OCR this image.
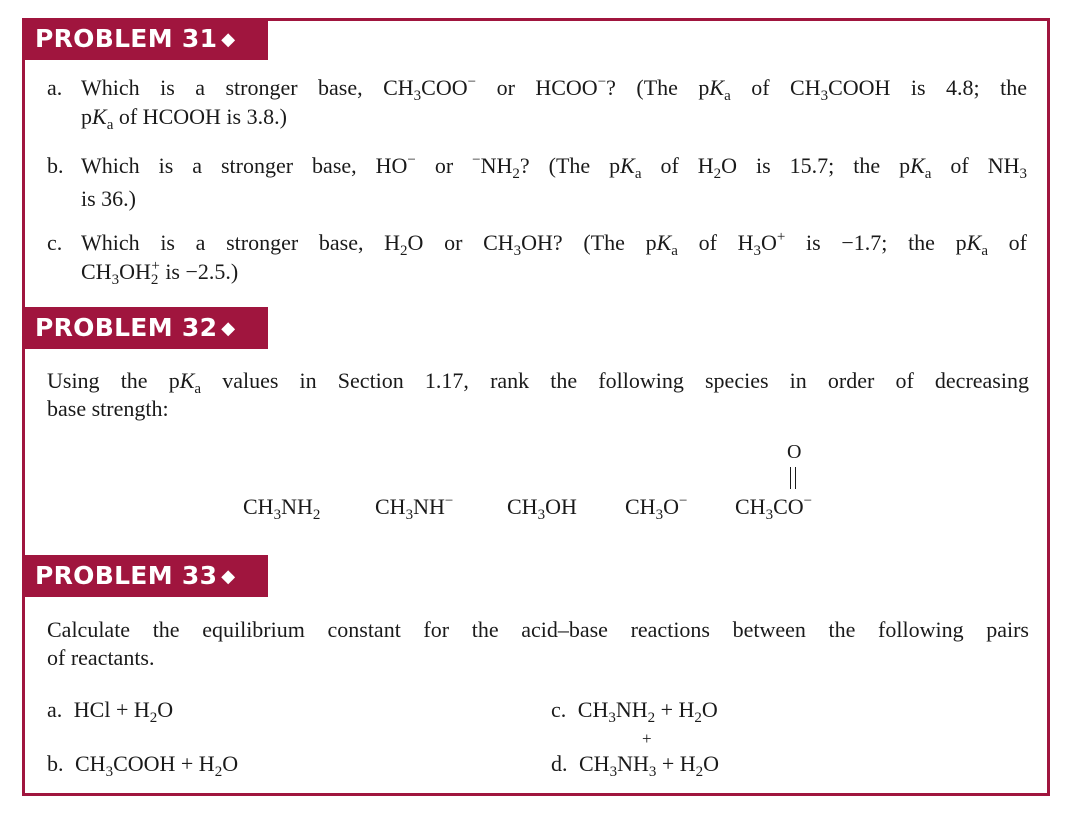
PROBLEM 31 ◆
a. Which is a stronger base, $CH_3COO^-$ or HCOO−? (The $pK_a$ of $CH_3COOH$ is 4.8; the
$pK_a$ of HCOOH is 3.8.)
b. Which is a stronger base, HO− or $^-NH_2$? (The $pK_a$ of $H_2O$ is 15.7; the $pK_a$ of $NH_3$
is 36.)
c. Which is a stronger base, $H_2O$ or $CH_3OH$? (The $pK_a$ of $H_3O^+$ is −1.7; the $pK_a$ of
$CH_3OH_2^+$ is −2.5.)
PROBLEM 32 ◆
Using the $pK_a$ values in Section 1.17, rank the following species in order of decreasing
base strength:
$CH_3NH_2$ $CH_3NH^-$ $CH_3OH$ $CH_3O^-$ $CH_3CO^-$
O
PROBLEM 33 ◆
Calculate the equilibrium constant for the acid–base reactions between the following pairs
of reactants.
a. HCl + $H_2O$
b. $CH_3COOH + H_2O$
c. $CH_3NH_2 + H_2O$
d. $CH_3NH_3 + H_2O$
+
